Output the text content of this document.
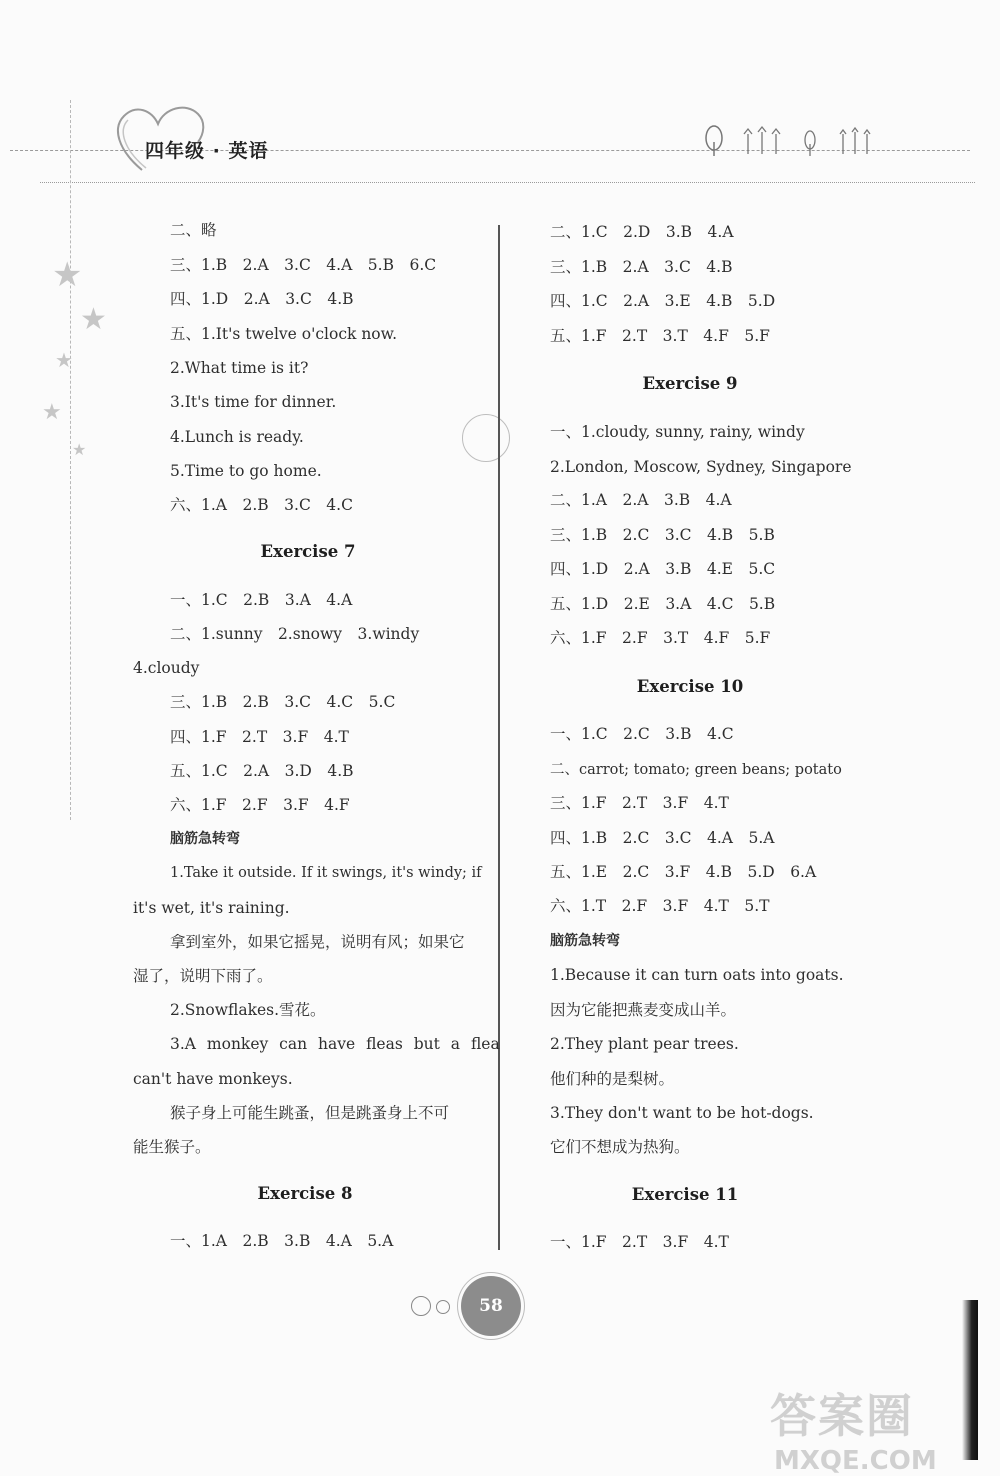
四年级 · 英语
★
★
★
★
★
二、略
三、1.B　2.A　3.C　4.A　5.B　6.C
四、1.D　2.A　3.C　4.B
五、1.It's twelve o'clock now.
2.What time is it?
3.It's time for dinner.
4.Lunch is ready.
5.Time to go home.
六、1.A　2.B　3.C　4.C
Exercise 7
一、1.C　2.B　3.A　4.A
二、1.sunny　2.snowy　3.windy
4.cloudy
三、1.B　2.B　3.C　4.C　5.C
四、1.F　2.T　3.F　4.T
五、1.C　2.A　3.D　4.B
六、1.F　2.F　3.F　4.F
脑筋急转弯
1.Take it outside. If it swings, it's windy; if
it's wet, it's raining.
拿到室外，如果它摇晃，说明有风；如果它
湿了，说明下雨了。
2.Snowflakes.雪花。
3.A monkey can have fleas but a flea
can't have monkeys.
猴子身上可能生跳蚤，但是跳蚤身上不可
能生猴子。
Exercise 8
一、1.A　2.B　3.B　4.A　5.A
二、1.C　2.D　3.B　4.A
三、1.B　2.A　3.C　4.B
四、1.C　2.A　3.E　4.B　5.D
五、1.F　2.T　3.T　4.F　5.F
Exercise 9
一、1.cloudy, sunny, rainy, windy
2.London, Moscow, Sydney, Singapore
二、1.A　2.A　3.B　4.A
三、1.B　2.C　3.C　4.B　5.B
四、1.D　2.A　3.B　4.E　5.C
五、1.D　2.E　3.A　4.C　5.B
六、1.F　2.F　3.T　4.F　5.F
Exercise 10
一、1.C　2.C　3.B　4.C
二、carrot; tomato; green beans; potato
三、1.F　2.T　3.F　4.T
四、1.B　2.C　3.C　4.A　5.A
五、1.E　2.C　3.F　4.B　5.D　6.A
六、1.T　2.F　3.F　4.T　5.T
脑筋急转弯
1.Because it can turn oats into goats.
因为它能把燕麦变成山羊。
2.They plant pear trees.
他们种的是梨树。
3.They don't want to be hot-dogs.
它们不想成为热狗。
Exercise 11
一、1.F　2.T　3.F　4.T
58
答案圈
MXQE.COM
